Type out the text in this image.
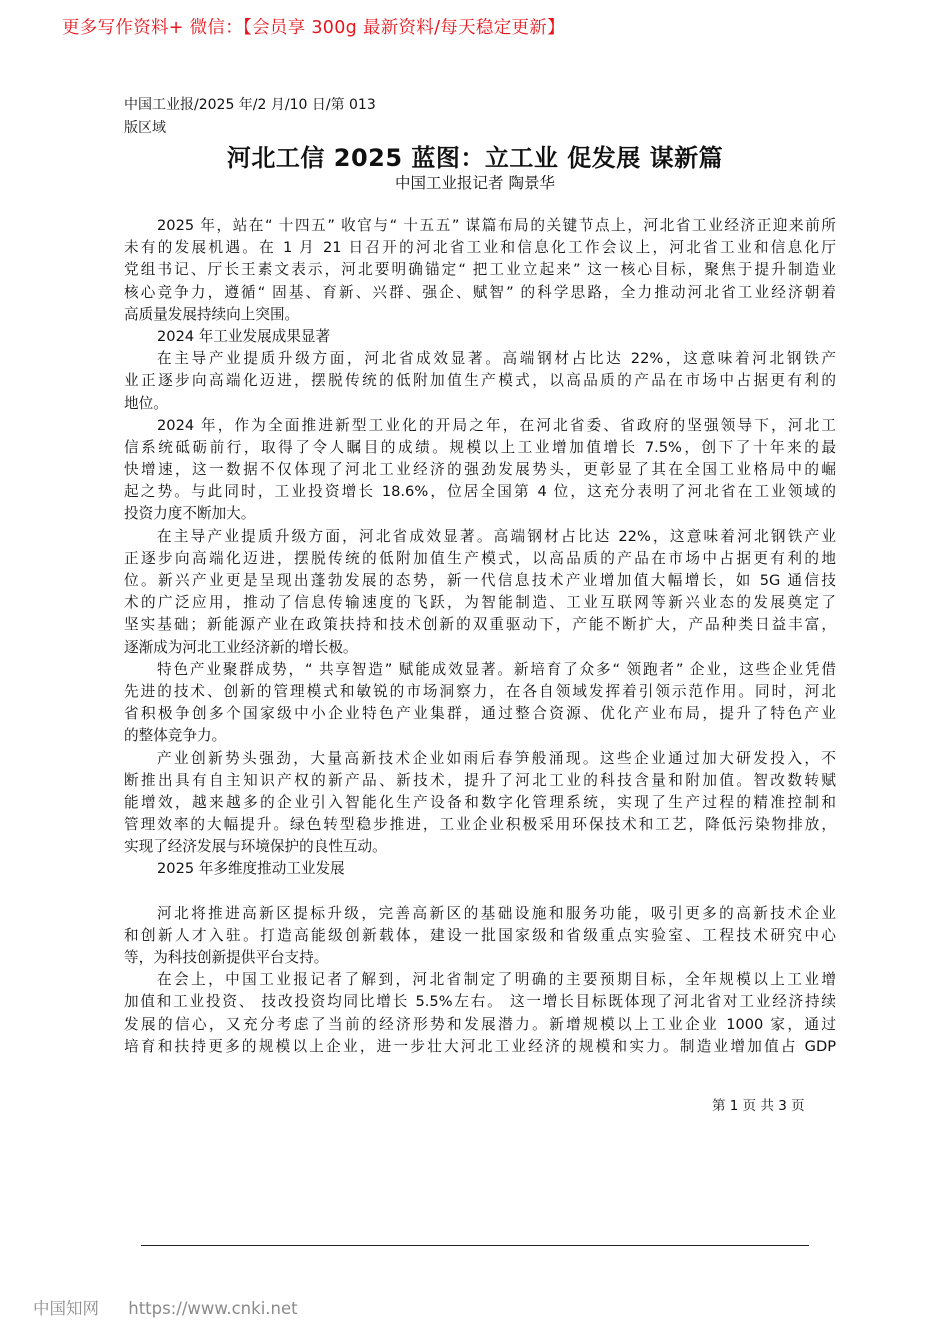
更多写作资料+ 微信：【会员享 300g 最新资料/每天稳定更新】
中国工业报/2025 年/2 月/10 日/第 013
版区域
河北工信 2025 蓝图：立工业 促发展 谋新篇
中国工业报记者 陶景华
2025 年，站在“ 十四五” 收官与“ 十五五” 谋篇布局的关键节点上，河北省工业经济正迎来前所
未有的发展机遇。在 1 月 21 日召开的河北省工业和信息化工作会议上，河北省工业和信息化厅
党组书记、厅长王素文表示，河北要明确锚定“ 把工业立起来” 这一核心目标，聚焦于提升制造业
核心竞争力，遵循“ 固基、育新、兴群、强企、赋智” 的科学思路，全力推动河北省工业经济朝着
高质量发展持续向上突围。
2024 年工业发展成果显著
在主导产业提质升级方面，河北省成效显著。高端钢材占比达 22%，这意味着河北钢铁产
业正逐步向高端化迈进，摆脱传统的低附加值生产模式，以高品质的产品在市场中占据更有利的
地位。
2024 年，作为全面推进新型工业化的开局之年，在河北省委、省政府的坚强领导下，河北工
信系统砥砺前行，取得了令人瞩目的成绩。规模以上工业增加值增长 7.5%，创下了十年来的最
快增速，这一数据不仅体现了河北工业经济的强劲发展势头，更彰显了其在全国工业格局中的崛
起之势。与此同时，工业投资增长 18.6%，位居全国第 4 位，这充分表明了河北省在工业领域的
投资力度不断加大。
在主导产业提质升级方面，河北省成效显著。高端钢材占比达 22%，这意味着河北钢铁产业
正逐步向高端化迈进，摆脱传统的低附加值生产模式，以高品质的产品在市场中占据更有利的地
位。新兴产业更是呈现出蓬勃发展的态势，新一代信息技术产业增加值大幅增长，如 5G 通信技
术的广泛应用，推动了信息传输速度的飞跃，为智能制造、工业互联网等新兴业态的发展奠定了
坚实基础；新能源产业在政策扶持和技术创新的双重驱动下，产能不断扩大，产品种类日益丰富，
逐渐成为河北工业经济新的增长极。
特色产业聚群成势，“ 共享智造” 赋能成效显著。新培育了众多“ 领跑者” 企业，这些企业凭借
先进的技术、创新的管理模式和敏锐的市场洞察力，在各自领域发挥着引领示范作用。同时，河北
省积极争创多个国家级中小企业特色产业集群，通过整合资源、优化产业布局，提升了特色产业
的整体竞争力。
产业创新势头强劲，大量高新技术企业如雨后春笋般涌现。这些企业通过加大研发投入，不
断推出具有自主知识产权的新产品、新技术，提升了河北工业的科技含量和附加值。智改数转赋
能增效，越来越多的企业引入智能化生产设备和数字化管理系统，实现了生产过程的精准控制和
管理效率的大幅提升。绿色转型稳步推进，工业企业积极采用环保技术和工艺，降低污染物排放，
实现了经济发展与环境保护的良性互动。
2025 年多维度推动工业发展
河北将推进高新区提标升级，完善高新区的基础设施和服务功能，吸引更多的高新技术企业
和创新人才入驻。打造高能级创新载体，建设一批国家级和省级重点实验室、工程技术研究中心
等，为科技创新提供平台支持。
在会上，中国工业报记者了解到，河北省制定了明确的主要预期目标，全年规模以上工业增
加值和工业投资、 技改投资均同比增长 5.5%左右。 这一增长目标既体现了河北省对工业经济持续
发展的信心，又充分考虑了当前的经济形势和发展潜力。新增规模以上工业企业 1000 家，通过
培育和扶持更多的规模以上企业，进一步壮大河北工业经济的规模和实力。制造业增加值占 GDP
第 1 页 共 3 页
中国知网 https://www.cnki.net
